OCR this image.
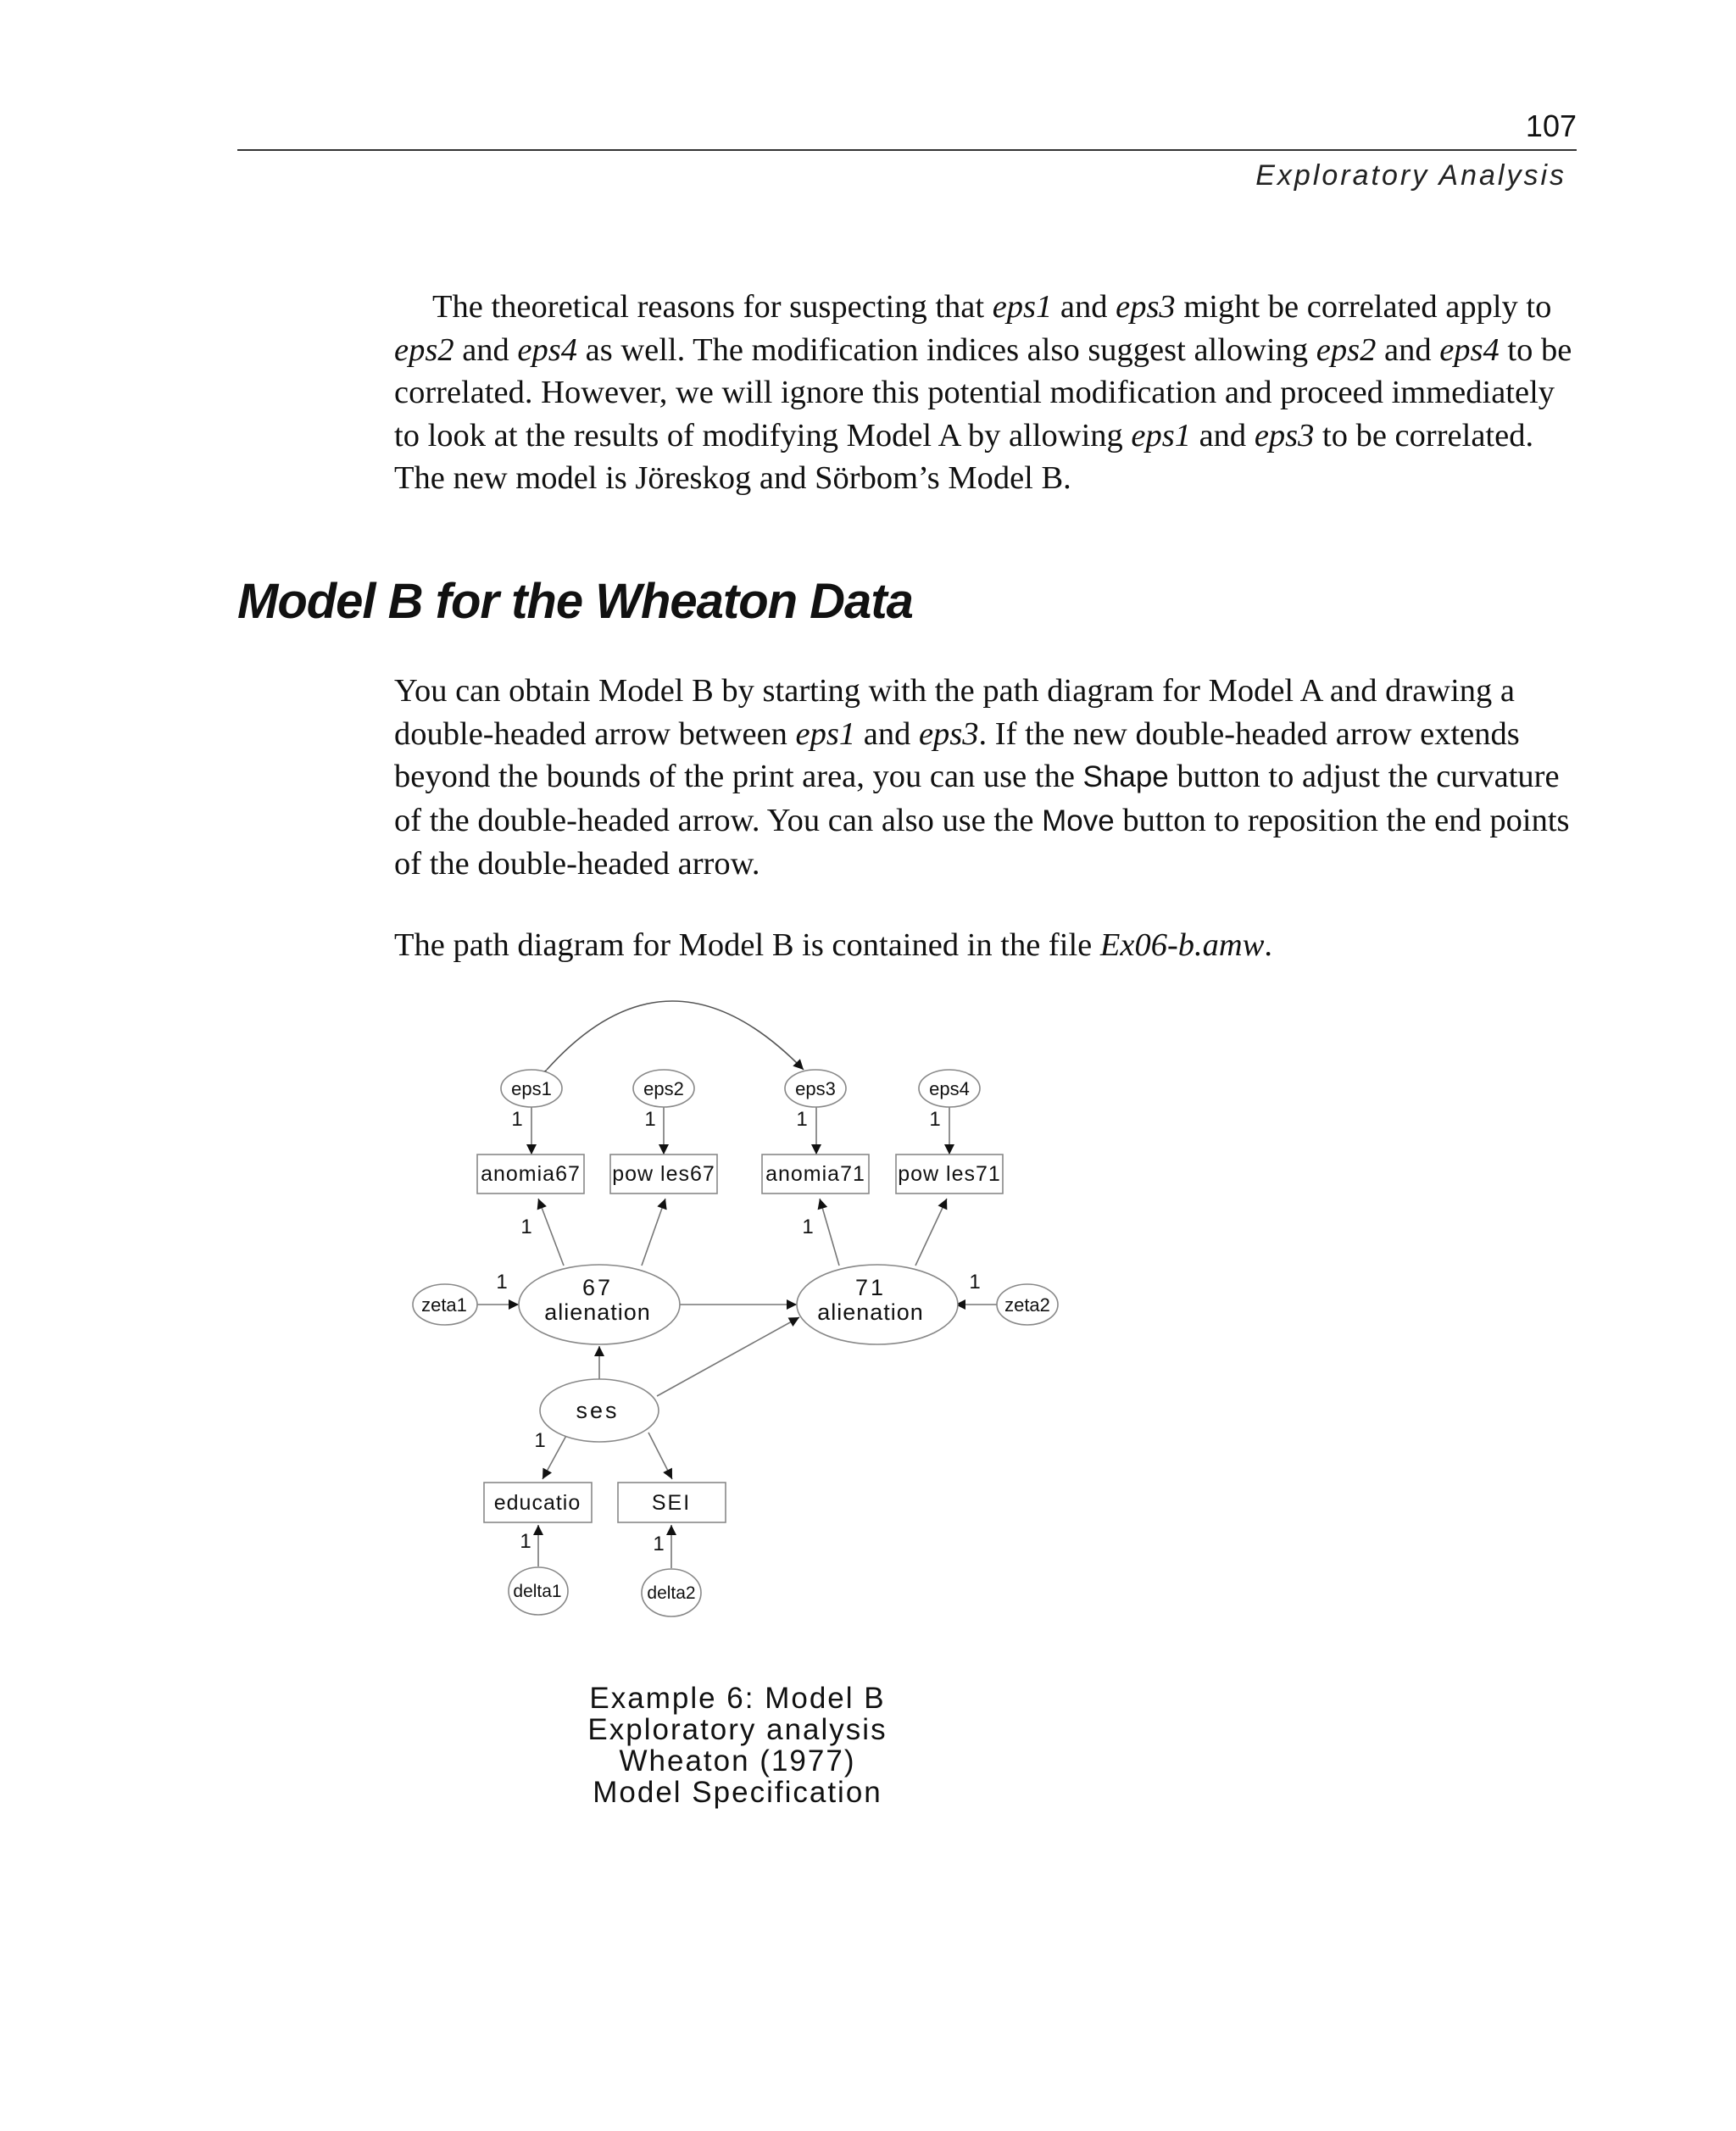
107
Exploratory Analysis

The theoretical reasons for suspecting that eps1 and eps3 might be correlated apply to eps2 and eps4 as well. The modification indices also suggest allowing eps2 and eps4 to be correlated. However, we will ignore this potential modification and proceed immediately to look at the results of modifying Model A by allowing eps1 and eps3 to be correlated. The new model is Jöreskog and Sörbom’s Model B.

Model B for the Wheaton Data

You can obtain Model B by starting with the path diagram for Model A and drawing a double-headed arrow between eps1 and eps3. If the new double-headed arrow extends beyond the bounds of the print area, you can use the Shape button to adjust the curvature of the double-headed arrow. You can also use the Move button to reposition the end points of the double-headed arrow.

The path diagram for Model B is contained in the file Ex06-b.amw.

eps1	eps2	eps3	eps4
anomia67 pow les67 anomia71 pow les71
67
alienation
71
alienation
zeta1	zeta2
ses
educatio	SEI
delta1	delta2
1	1	1	1
1	1
1	1
1
1	1
Example 6: Model B
Exploratory analysis
Wheaton (1977)
Model Specification
